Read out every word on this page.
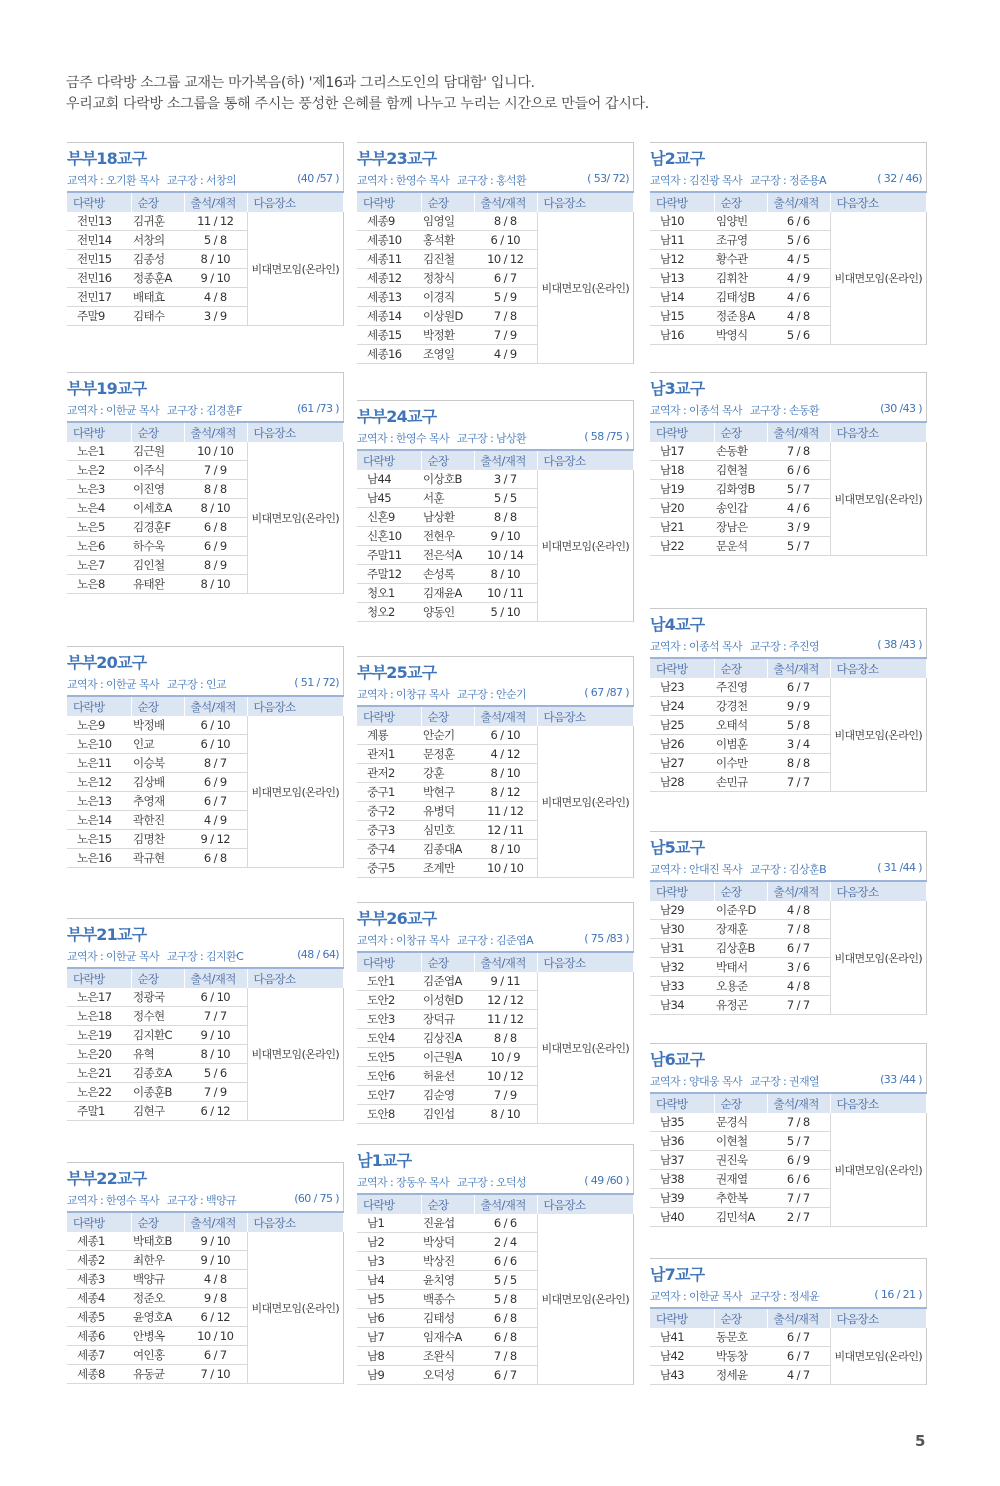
금주 다락방 소그룹 교재는 마가복음(하) '제16과 그리스도인의 담대함' 입니다.
우리교회 다락방 소그룹을 통해 주시는 풍성한 은혜를 함께 나누고 누리는 시간으로 만들어 갑시다.
부부18교구
교역자 : 오기환 목사 교구장 : 서창의	(40 /57 )
다락방	순장	출석/재적	다음장소
전민13	김귀훈	11 / 12	비대면모임(온라인)
전민14	서창의	5 / 8	
전민15	김종성	8 / 10	
전민16	정종훈A	9 / 10	
전민17	배태효	4 / 8	
주말9	김태수	3 / 9	
부부19교구
교역자 : 이한균 목사 교구장 : 김경훈F	(61 /73 )
다락방	순장	출석/재적	다음장소
노은1	김근원	10 / 10	비대면모임(온라인)
노은2	이주식	7 / 9	
노은3	이진영	8 / 8	
노은4	이세호A	8 / 10	
노은5	김경훈F	6 / 8	
노은6	하수욱	6 / 9	
노은7	김인철	8 / 9	
노은8	유태완	8 / 10	
부부20교구
교역자 : 이한균 목사 교구장 : 인교	( 51 / 72)
다락방	순장	출석/재적	다음장소
노은9	박정배	6 / 10	비대면모임(온라인)
노은10	인교	6 / 10	
노은11	이승북	8 / 7	
노은12	김상배	6 / 9	
노은13	추영재	6 / 7	
노은14	곽한진	4 / 9	
노은15	김명찬	9 / 12	
노은16	곽규현	6 / 8	
부부21교구
교역자 : 이한균 목사 교구장 : 김지환C	(48 / 64)
다락방	순장	출석/재적	다음장소
노은17	정광국	6 / 10	비대면모임(온라인)
노은18	정수현	7 / 7	
노은19	김지환C	9 / 10	
노은20	유혁	8 / 10	
노은21	김종호A	5 / 6	
노은22	이종훈B	7 / 9	
주말1	김현구	6 / 12	
부부22교구
교역자 : 한영수 목사 교구장 : 백양규	(60 / 75 )
다락방	순장	출석/재적	다음장소
세종1	박태호B	9 / 10	비대면모임(온라인)
세종2	최한우	9 / 10	
세종3	백양규	4 / 8	
세종4	정준오	9 / 8	
세종5	윤영호A	6 / 12	
세종6	안병옥	10 / 10	
세종7	여인홍	6 / 7	
세종8	유동균	7 / 10	
부부23교구
교역자 : 한영수 목사 교구장 : 홍석환	( 53/ 72)
다락방	순장	출석/재적	다음장소
세종9	임영일	8 / 8	비대면모임(온라인)
세종10	홍석환	6 / 10	
세종11	김진철	10 / 12	
세종12	정창식	6 / 7	
세종13	이경직	5 / 9	
세종14	이상원D	7 / 8	
세종15	박정환	7 / 9	
세종16	조영일	4 / 9	
부부24교구
교역자 : 한영수 목사 교구장 : 남상환	( 58 /75 )
다락방	순장	출석/재적	다음장소
남44	이상호B	3 / 7	비대면모임(온라인)
남45	서훈	5 / 5	
신혼9	남상환	8 / 8	
신혼10	전현우	9 / 10	
주말11	전은석A	10 / 14	
주말12	손성록	8 / 10	
청오1	김재윤A	10 / 11	
청오2	양동인	5 / 10	
부부25교구
교역자 : 이창규 목사 교구장 : 안순기	( 67 /87 )
다락방	순장	출석/재적	다음장소
계룡	안순기	6 / 10	비대면모임(온라인)
관저1	문정훈	4 / 12	
관저2	강훈	8 / 10	
중구1	박현구	8 / 12	
중구2	유병덕	11 / 12	
중구3	심민호	12 / 11	
중구4	김종대A	8 / 10	
중구5	조계만	10 / 10	
부부26교구
교역자 : 이창규 목사 교구장 : 김준엽A	( 75 /83 )
다락방	순장	출석/재적	다음장소
도안1	김준엽A	9 / 11	비대면모임(온라인)
도안2	이성현D	12 / 12	
도안3	장덕규	11 / 12	
도안4	김상진A	8 / 8	
도안5	이근원A	10 / 9	
도안6	허윤선	10 / 12	
도안7	김순영	7 / 9	
도안8	김인섭	8 / 10	
남1교구
교역자 : 장동우 목사 교구장 : 오덕성	( 49 /60 )
다락방	순장	출석/재적	다음장소
남1	진윤섭	6 / 6	비대면모임(온라인)
남2	박상덕	2 / 4	
남3	박상진	6 / 6	
남4	윤치영	5 / 5	
남5	백종수	5 / 8	
남6	김태성	6 / 8	
남7	임재수A	6 / 8	
남8	조완식	7 / 8	
남9	오덕성	6 / 7	
남2교구
교역자 : 김진광 목사 교구장 : 정준용A	( 32 / 46)
다락방	순장	출석/재적	다음장소
남10	임양빈	6 / 6	비대면모임(온라인)
남11	조규영	5 / 6	
남12	황수관	4 / 5	
남13	김휘찬	4 / 9	
남14	김태성B	4 / 6	
남15	정준용A	4 / 8	
남16	박영식	5 / 6	
남3교구
교역자 : 이종석 목사 교구장 : 손동환	(30 /43 )
다락방	순장	출석/재적	다음장소
남17	손동환	7 / 8	비대면모임(온라인)
남18	김현철	6 / 6	
남19	김화영B	5 / 7	
남20	송인갑	4 / 6	
남21	장남은	3 / 9	
남22	문운석	5 / 7	
남4교구
교역자 : 이종석 목사 교구장 : 주진영	( 38 /43 )
다락방	순장	출석/재적	다음장소
남23	주진영	6 / 7	비대면모임(온라인)
남24	강경천	9 / 9	
남25	오태석	5 / 8	
남26	이범훈	3 / 4	
남27	이수만	8 / 8	
남28	손민규	7 / 7	
남5교구
교역자 : 안대진 목사 교구장 : 김상훈B	( 31 /44 )
다락방	순장	출석/재적	다음장소
남29	이준우D	4 / 8	비대면모임(온라인)
남30	장재훈	7 / 8	
남31	김상훈B	6 / 7	
남32	박태서	3 / 6	
남33	오용준	4 / 8	
남34	유정곤	7 / 7	
남6교구
교역자 : 양대웅 목사 교구장 : 권재열	(33 /44 )
다락방	순장	출석/재적	다음장소
남35	문경식	7 / 8	비대면모임(온라인)
남36	이현철	5 / 7	
남37	권진욱	6 / 9	
남38	권재열	6 / 6	
남39	추한복	7 / 7	
남40	김민석A	2 / 7	
남7교구
교역자 : 이한균 목사 교구장 : 정세윤	( 16 / 21 )
다락방	순장	출석/재적	다음장소
남41	동문호	6 / 7	비대면모임(온라인)
남42	박동창	6 / 7	
남43	정세윤	4 / 7	
5
